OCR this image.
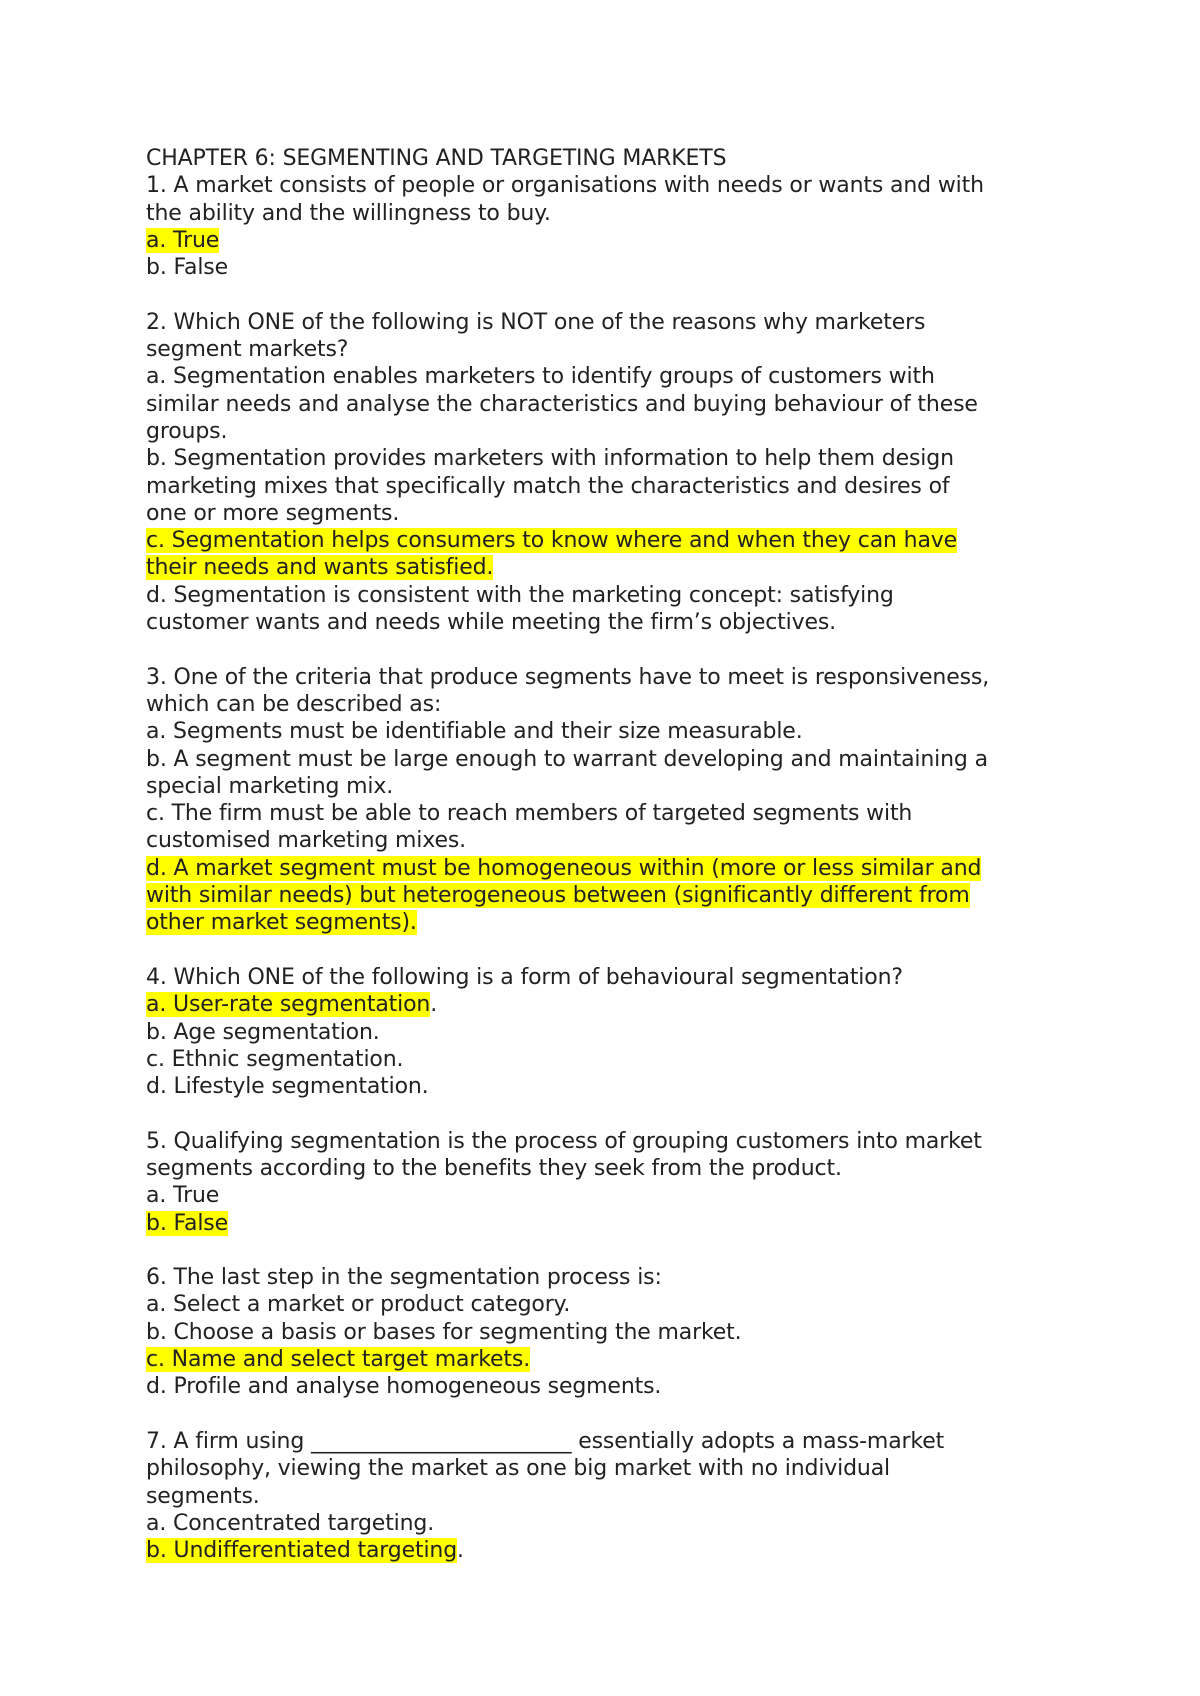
CHAPTER 6: SEGMENTING AND TARGETING MARKETS
1. A market consists of people or organisations with needs or wants and with
the ability and the willingness to buy.
a. True
b. False
2. Which ONE of the following is NOT one of the reasons why marketers
segment markets?
a. Segmentation enables marketers to identify groups of customers with
similar needs and analyse the characteristics and buying behaviour of these
groups.
b. Segmentation provides marketers with information to help them design
marketing mixes that specifically match the characteristics and desires of
one or more segments.
c. Segmentation helps consumers to know where and when they can have
their needs and wants satisfied.
d. Segmentation is consistent with the marketing concept: satisfying
customer wants and needs while meeting the firm’s objectives.
3. One of the criteria that produce segments have to meet is responsiveness,
which can be described as:
a. Segments must be identifiable and their size measurable.
b. A segment must be large enough to warrant developing and maintaining a
special marketing mix.
c. The firm must be able to reach members of targeted segments with
customised marketing mixes.
d. A market segment must be homogeneous within (more or less similar and
with similar needs) but heterogeneous between (significantly different from
other market segments).
4. Which ONE of the following is a form of behavioural segmentation?
a. User-rate segmentation.
b. Age segmentation.
c. Ethnic segmentation.
d. Lifestyle segmentation.
5. Qualifying segmentation is the process of grouping customers into market
segments according to the benefits they seek from the product.
a. True
b. False
6. The last step in the segmentation process is:
a. Select a market or product category.
b. Choose a basis or bases for segmenting the market.
c. Name and select target markets.
d. Profile and analyse homogeneous segments.
7. A firm using ________________________ essentially adopts a mass-market
philosophy, viewing the market as one big market with no individual
segments.
a. Concentrated targeting.
b. Undifferentiated targeting.
